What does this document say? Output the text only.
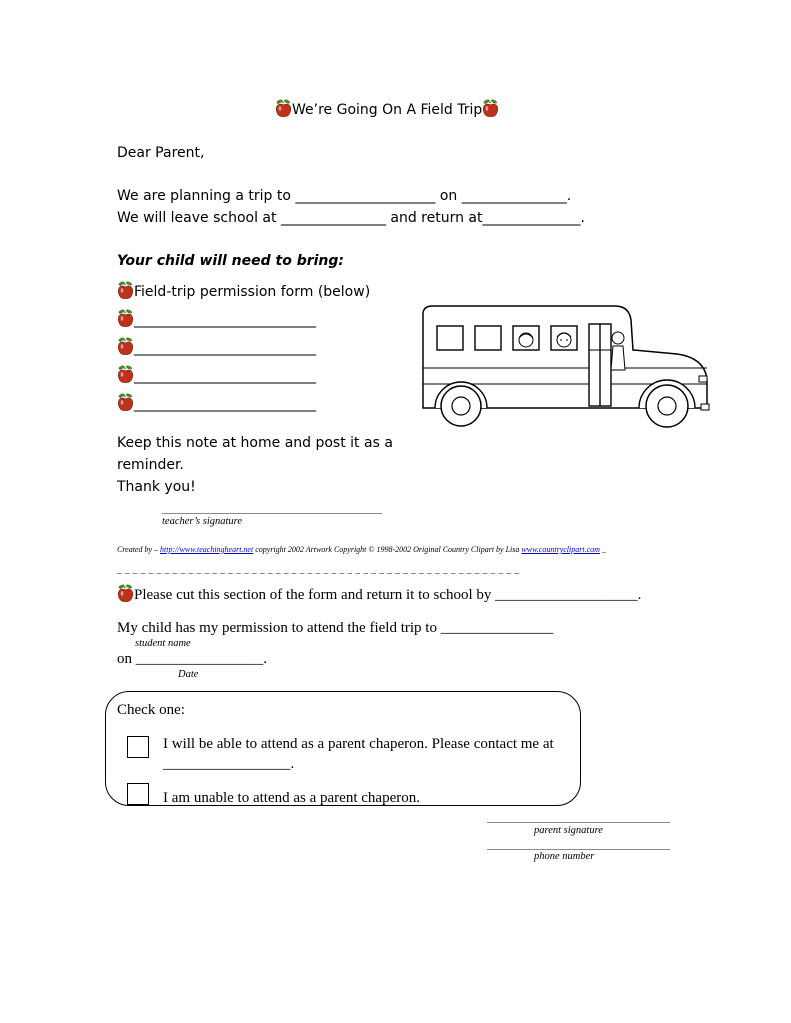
We’re Going On A Field Trip
Dear Parent,
We are planning a trip to ____________________ on _______________.
We will leave school at _______________ and return at______________.
Your child will need to bring:
Field-trip permission form (below)
__________________________
__________________________
__________________________
__________________________
Keep this note at home and post it as a
reminder.
Thank you!
teacher’s signature
Created by – http://www.teachingheart.net copyright 2002 Artwork Copyright © 1998-2002 Original Country Clipart by Lisa www.countryclipart.com _
_ _ _ _ _ _ _ _ _ _ _ _ _ _ _ _ _ _ _ _ _ _ _ _ _ _ _ _ _ _ _ _ _ _ _ _ _ _ _ _ _ _ _ _ _ _ _ _ _ _ _
Please cut this section of the form and return it to school by ___________________.
My child has my permission to attend the field trip to _______________
student name
on _________________.
Date
Check one:
I will be able to attend as a parent chaperon. Please contact me at
_________________.
I am unable to attend as a parent chaperon.
parent signature
phone number
